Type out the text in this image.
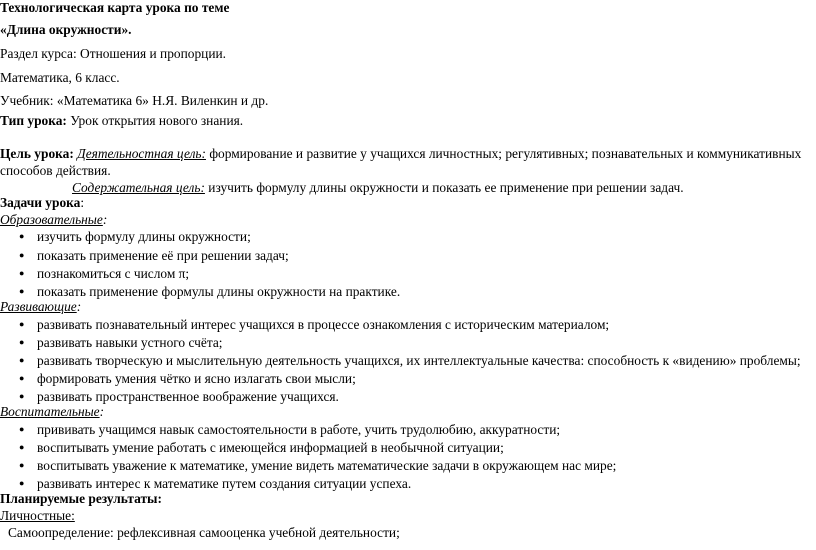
Технологическая карта урока по теме
«Длина окружности».
Раздел курса: Отношения и пропорции.
Математика, 6 класс.
Учебник: «Математика 6» Н.Я. Виленкин и др.
Тип урока: Урок открытия нового знания.
Цель урока: Деятельностная цель: формирование и развитие у учащихся личностных; регулятивных; познавательных и коммуникативных
способов действия.
Содержательная цель: изучить формулу длины окружности и показать ее применение при решении задач.
Задачи урока:
Образовательные:
● изучить формулу длины окружности;
● показать применение её при решении задач;
● познакомиться с числом π;
● показать применение формулы длины окружности на практике.
Развивающие:
● развивать познавательный интерес учащихся в процессе ознакомления с историческим материалом;
● развивать навыки устного счёта;
● развивать творческую и мыслительную деятельность учащихся, их интеллектуальные качества: способность к «видению» проблемы;
● формировать умения чётко и ясно излагать свои мысли;
● развивать пространственное воображение учащихся.
Воспитательные:
● прививать учащимся навык самостоятельности в работе, учить трудолюбию, аккуратности;
● воспитывать умение работать с имеющейся информацией в необычной ситуации;
● воспитывать уважение к математике, умение видеть математические задачи в окружающем нас мире;
● развивать интерес к математике путем создания ситуации успеха.
Планируемые результаты:
Личностные:
Самоопределение: рефлексивная самооценка учебной деятельности;
